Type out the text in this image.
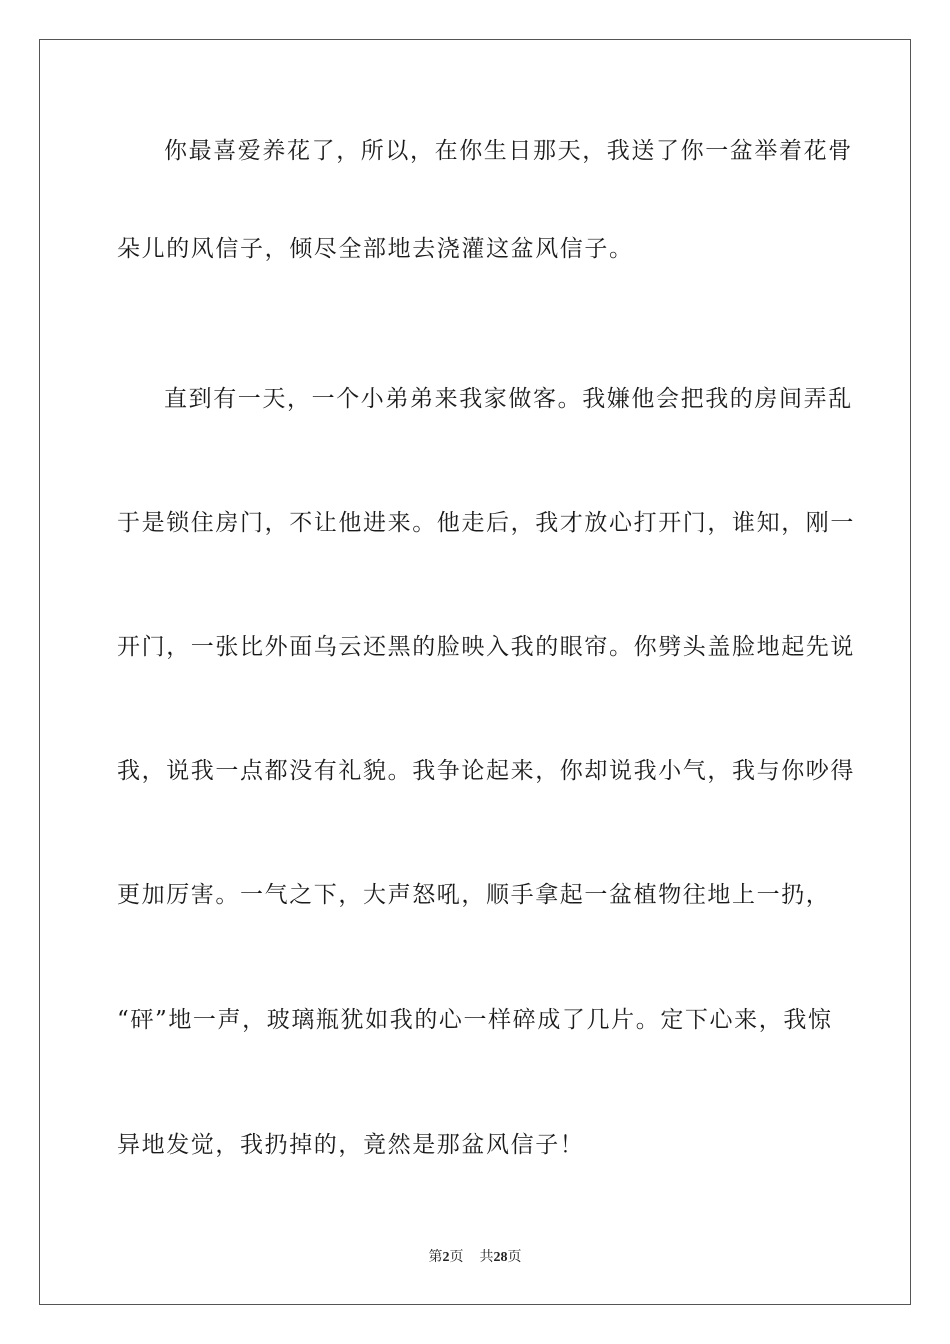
你最喜爱养花了，所以，在你生日那天，我送了你一盆举着花骨
朵儿的风信子，倾尽全部地去浇灌这盆风信子。
直到有一天，一个小弟弟来我家做客。我嫌他会把我的房间弄乱
于是锁住房门，不让他进来。他走后，我才放心打开门，谁知，刚一
开门，一张比外面乌云还黑的脸映入我的眼帘。你劈头盖脸地起先说
我，说我一点都没有礼貌。我争论起来，你却说我小气，我与你吵得
更加厉害。一气之下，大声怒吼，顺手拿起一盆植物往地上一扔，
“砰”地一声，玻璃瓶犹如我的心一样碎成了几片。定下心来，我惊
异地发觉，我扔掉的，竟然是那盆风信子！
第2页 共28页
